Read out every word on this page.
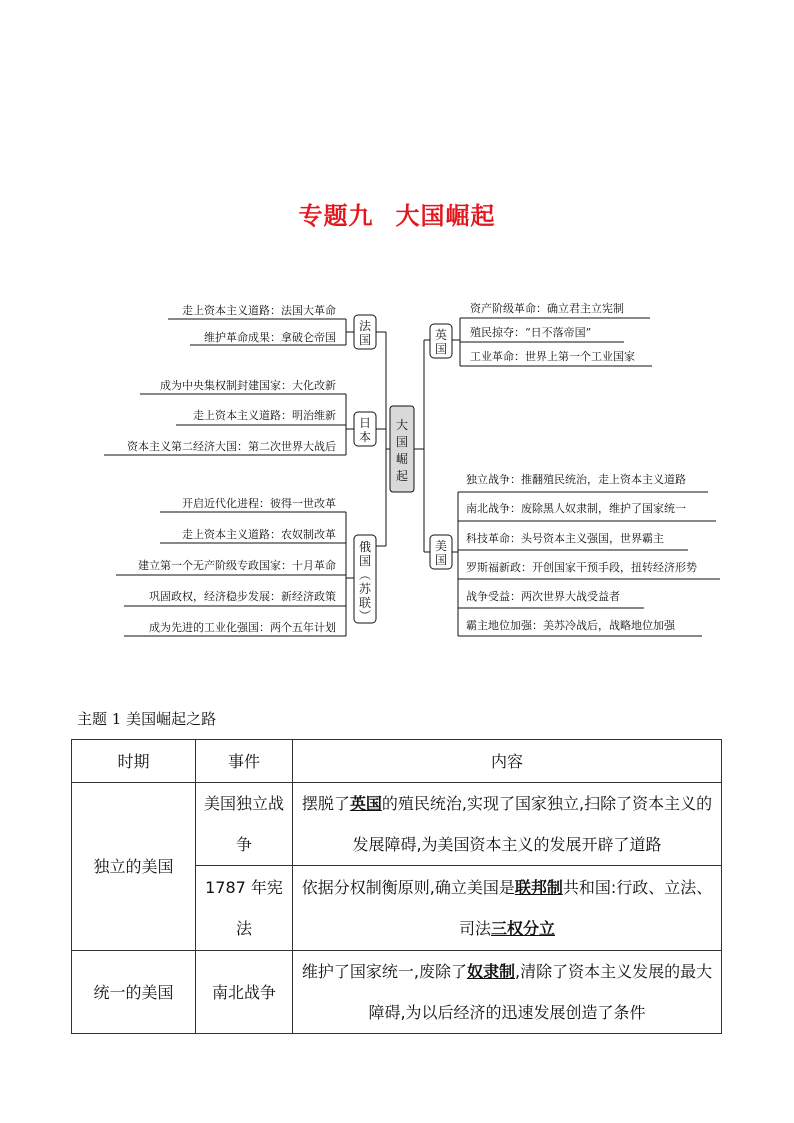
专题九 大国崛起
大
国
崛
起
法
国
走上资本主义道路：法国大革命
维护革命成果：拿破仑帝国
日
本
成为中央集权制封建国家：大化改新
走上资本主义道路：明治维新
资本主义第二经济大国：第二次世界大战后
俄
国
︵
苏
联
︶
开启近代化进程：彼得一世改革
走上资本主义道路：农奴制改革
建立第一个无产阶级专政国家：十月革命
巩固政权，经济稳步发展：新经济政策
成为先进的工业化强国：两个五年计划
英
国
资产阶级革命：确立君主立宪制
殖民掠夺：“日不落帝国”
工业革命：世界上第一个工业国家
美
国
独立战争：推翻殖民统治，走上资本主义道路
南北战争：废除黑人奴隶制，维护了国家统一
科技革命：头号资本主义强国，世界霸主
罗斯福新政：开创国家干预手段，扭转经济形势
战争受益：两次世界大战受益者
霸主地位加强：美苏冷战后，战略地位加强
主题 1 美国崛起之路
时期	事件	内容
独立的美国	美国独立战争	摆脱了英国的殖民统治,实现了国家独立,扫除了资本主义的发展障碍,为美国资本主义的发展开辟了道路
	1787 年宪法	依据分权制衡原则,确立美国是联邦制共和国:行政、立法、司法三权分立
统一的美国	南北战争	维护了国家统一,废除了奴隶制,清除了资本主义发展的最大障碍,为以后经济的迅速发展创造了条件
